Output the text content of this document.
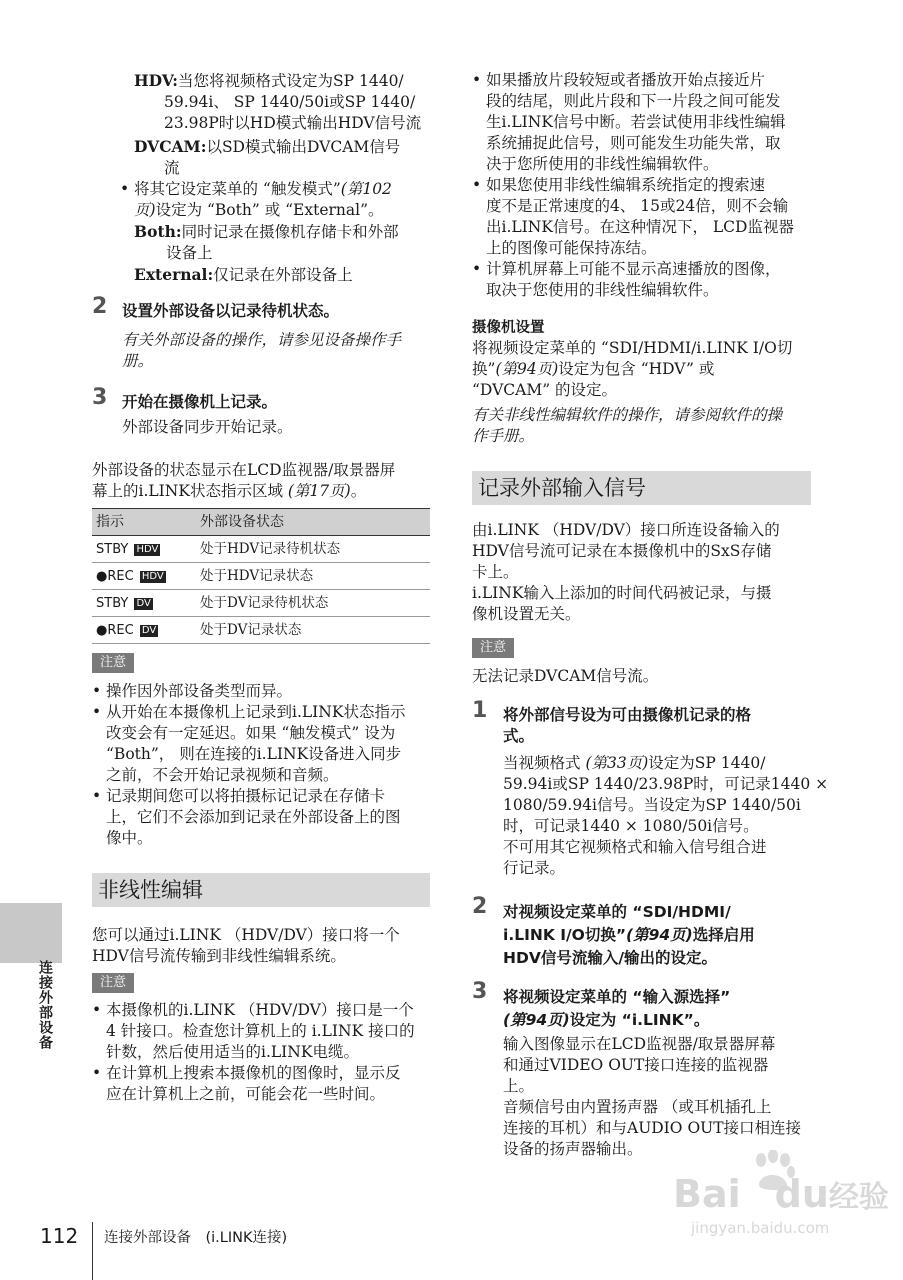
HDV:当您将视频格式设定为SP 1440/
59.94i、 SP 1440/50i或SP 1440/
23.98P时以HD模式输出HDV信号流
DVCAM:以SD模式输出DVCAM信号
流
• 将其它设定菜单的 “触发模式”(第102
页)设定为 “Both” 或 “External”。
Both:同时记录在摄像机存储卡和外部
设备上
External:仅记录在外部设备上
2 设置外部设备以记录待机状态。
有关外部设备的操作，请参见设备操作手
册。
3 开始在摄像机上记录。
外部设备同步开始记录。
外部设备的状态显示在LCD监视器/取景器屏
幕上的i.LINK状态指示区域 (第17页)。
指示	外部设备状态
STBY HDV	处于HDV记录待机状态
●REC HDV	处于HDV记录状态
STBY DV	处于DV记录待机状态
●REC DV	处于DV记录状态
注意
• 操作因外部设备类型而异。
• 从开始在本摄像机上记录到i.LINK状态指示
改变会有一定延迟。如果 “触发模式” 设为
“Both”， 则在连接的i.LINK设备进入同步
之前，不会开始记录视频和音频。
• 记录期间您可以将拍摄标记记录在存储卡
上，它们不会添加到记录在外部设备上的图
像中。
非线性编辑
您可以通过i.LINK （HDV/DV）接口将一个
HDV信号流传输到非线性编辑系统。
注意
• 本摄像机的i.LINK （HDV/DV）接口是一个
4 针接口。检查您计算机上的 i.LINK 接口的
针数，然后使用适当的i.LINK电缆。
• 在计算机上搜索本摄像机的图像时，显示反
应在计算机上之前，可能会花一些时间。
• 如果播放片段较短或者播放开始点接近片
段的结尾，则此片段和下一片段之间可能发
生i.LINK信号中断。若尝试使用非线性编辑
系统捕捉此信号，则可能发生功能失常，取
决于您所使用的非线性编辑软件。
• 如果您使用非线性编辑系统指定的搜索速
度不是正常速度的4、 15或24倍，则不会输
出i.LINK信号。在这种情况下， LCD监视器
上的图像可能保持冻结。
• 计算机屏幕上可能不显示高速播放的图像，
取决于您使用的非线性编辑软件。
摄像机设置
将视频设定菜单的 “SDI/HDMI/i.LINK I/O切
换”(第94页)设定为包含 “HDV” 或
“DVCAM” 的设定。
有关非线性编辑软件的操作，请参阅软件的操
作手册。
记录外部输入信号
由i.LINK （HDV/DV）接口所连设备输入的
HDV信号流可记录在本摄像机中的SxS存储
卡上。
i.LINK输入上添加的时间代码被记录，与摄
像机设置无关。
注意
无法记录DVCAM信号流。
1 将外部信号设为可由摄像机记录的格
式。
当视频格式 (第33页)设定为SP 1440/
59.94i或SP 1440/23.98P时，可记录1440 ×
1080/59.94i信号。当设定为SP 1440/50i
时，可记录1440 × 1080/50i信号。
不可用其它视频格式和输入信号组合进
行记录。
2 对视频设定菜单的 “SDI/HDMI/
i.LINK I/O切换”(第94页)选择启用
HDV信号流输入/输出的设定。
3 将视频设定菜单的 “输入源选择”
(第94页)设定为 “i.LINK”。
输入图像显示在LCD监视器/取景器屏幕
和通过VIDEO OUT接口连接的监视器
上。
音频信号由内置扬声器 （或耳机插孔上
连接的耳机）和与AUDIO OUT接口相连接
设备的扬声器输出。
连接外部设备
112 连接外部设备　(i.LINK连接)
Bai du经验
jingyan.baidu.com
